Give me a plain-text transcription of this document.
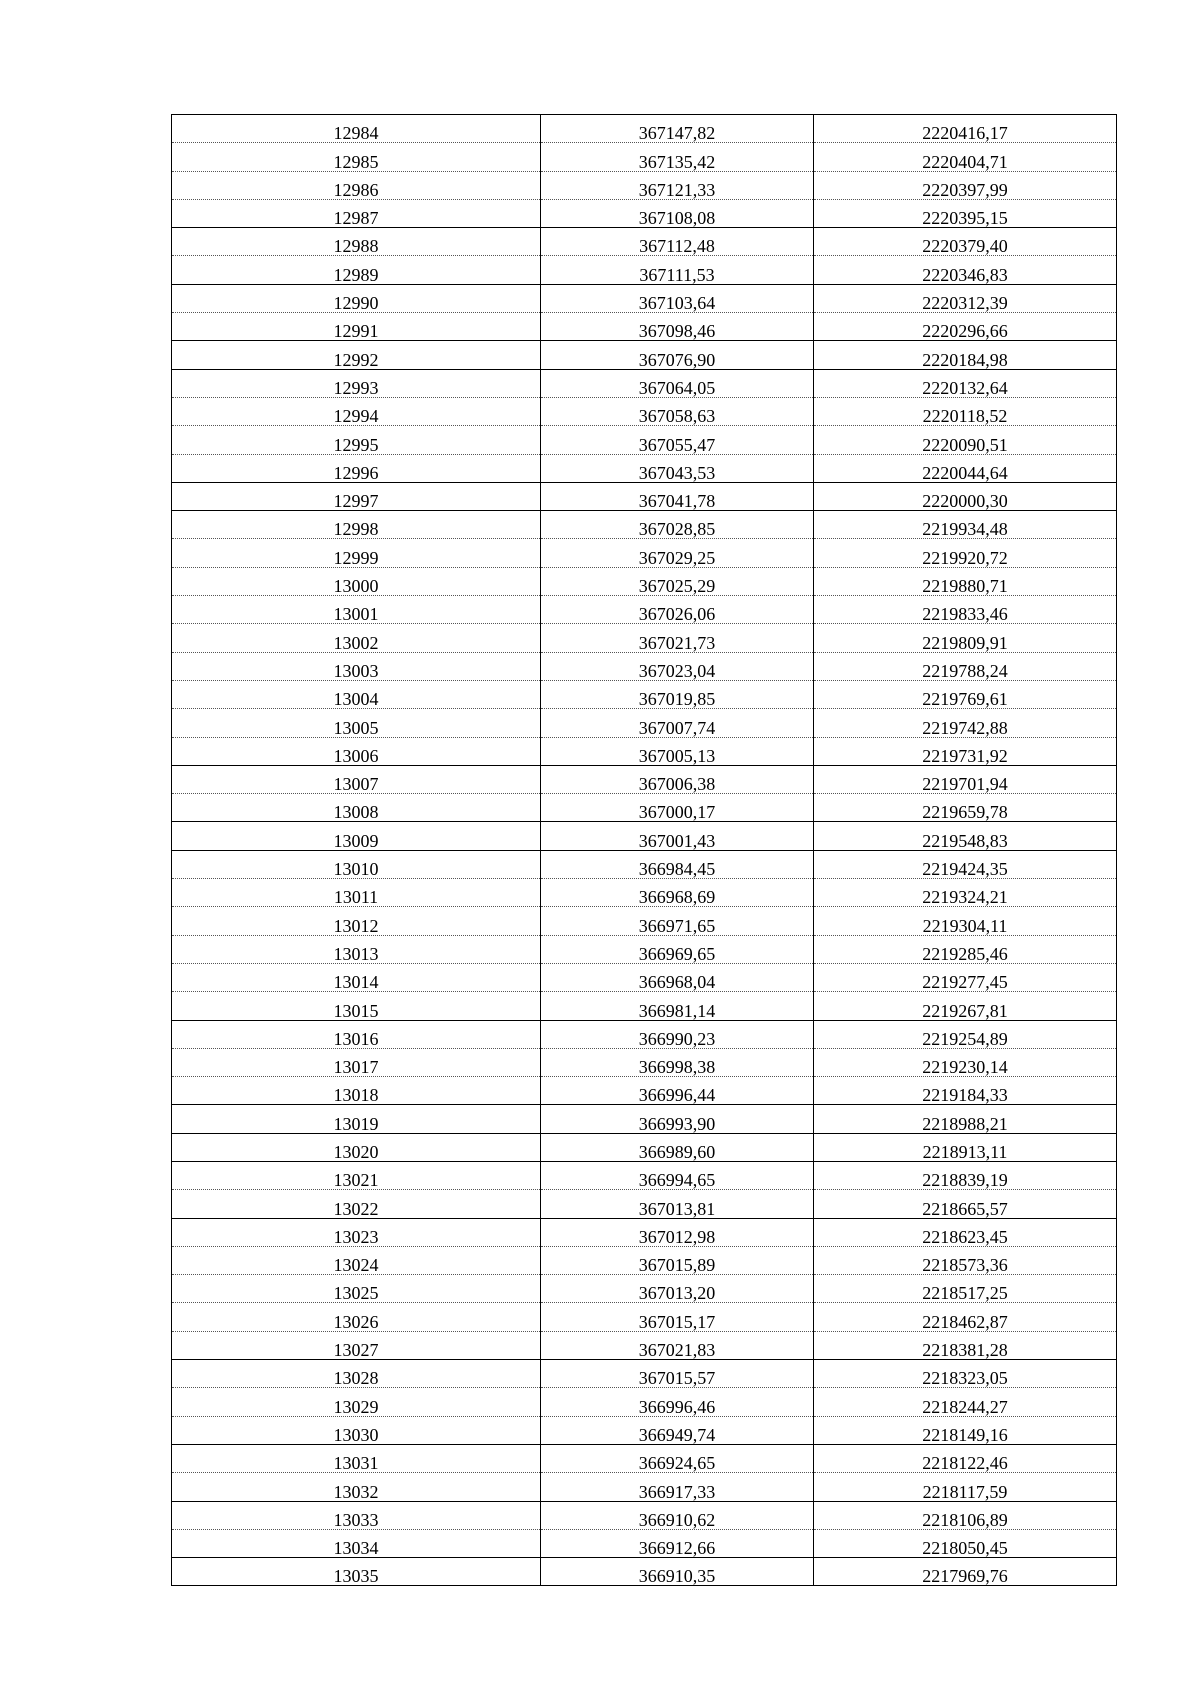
12984	367147,82	2220416,17
12985	367135,42	2220404,71
12986	367121,33	2220397,99
12987	367108,08	2220395,15
12988	367112,48	2220379,40
12989	367111,53	2220346,83
12990	367103,64	2220312,39
12991	367098,46	2220296,66
12992	367076,90	2220184,98
12993	367064,05	2220132,64
12994	367058,63	2220118,52
12995	367055,47	2220090,51
12996	367043,53	2220044,64
12997	367041,78	2220000,30
12998	367028,85	2219934,48
12999	367029,25	2219920,72
13000	367025,29	2219880,71
13001	367026,06	2219833,46
13002	367021,73	2219809,91
13003	367023,04	2219788,24
13004	367019,85	2219769,61
13005	367007,74	2219742,88
13006	367005,13	2219731,92
13007	367006,38	2219701,94
13008	367000,17	2219659,78
13009	367001,43	2219548,83
13010	366984,45	2219424,35
13011	366968,69	2219324,21
13012	366971,65	2219304,11
13013	366969,65	2219285,46
13014	366968,04	2219277,45
13015	366981,14	2219267,81
13016	366990,23	2219254,89
13017	366998,38	2219230,14
13018	366996,44	2219184,33
13019	366993,90	2218988,21
13020	366989,60	2218913,11
13021	366994,65	2218839,19
13022	367013,81	2218665,57
13023	367012,98	2218623,45
13024	367015,89	2218573,36
13025	367013,20	2218517,25
13026	367015,17	2218462,87
13027	367021,83	2218381,28
13028	367015,57	2218323,05
13029	366996,46	2218244,27
13030	366949,74	2218149,16
13031	366924,65	2218122,46
13032	366917,33	2218117,59
13033	366910,62	2218106,89
13034	366912,66	2218050,45
13035	366910,35	2217969,76
